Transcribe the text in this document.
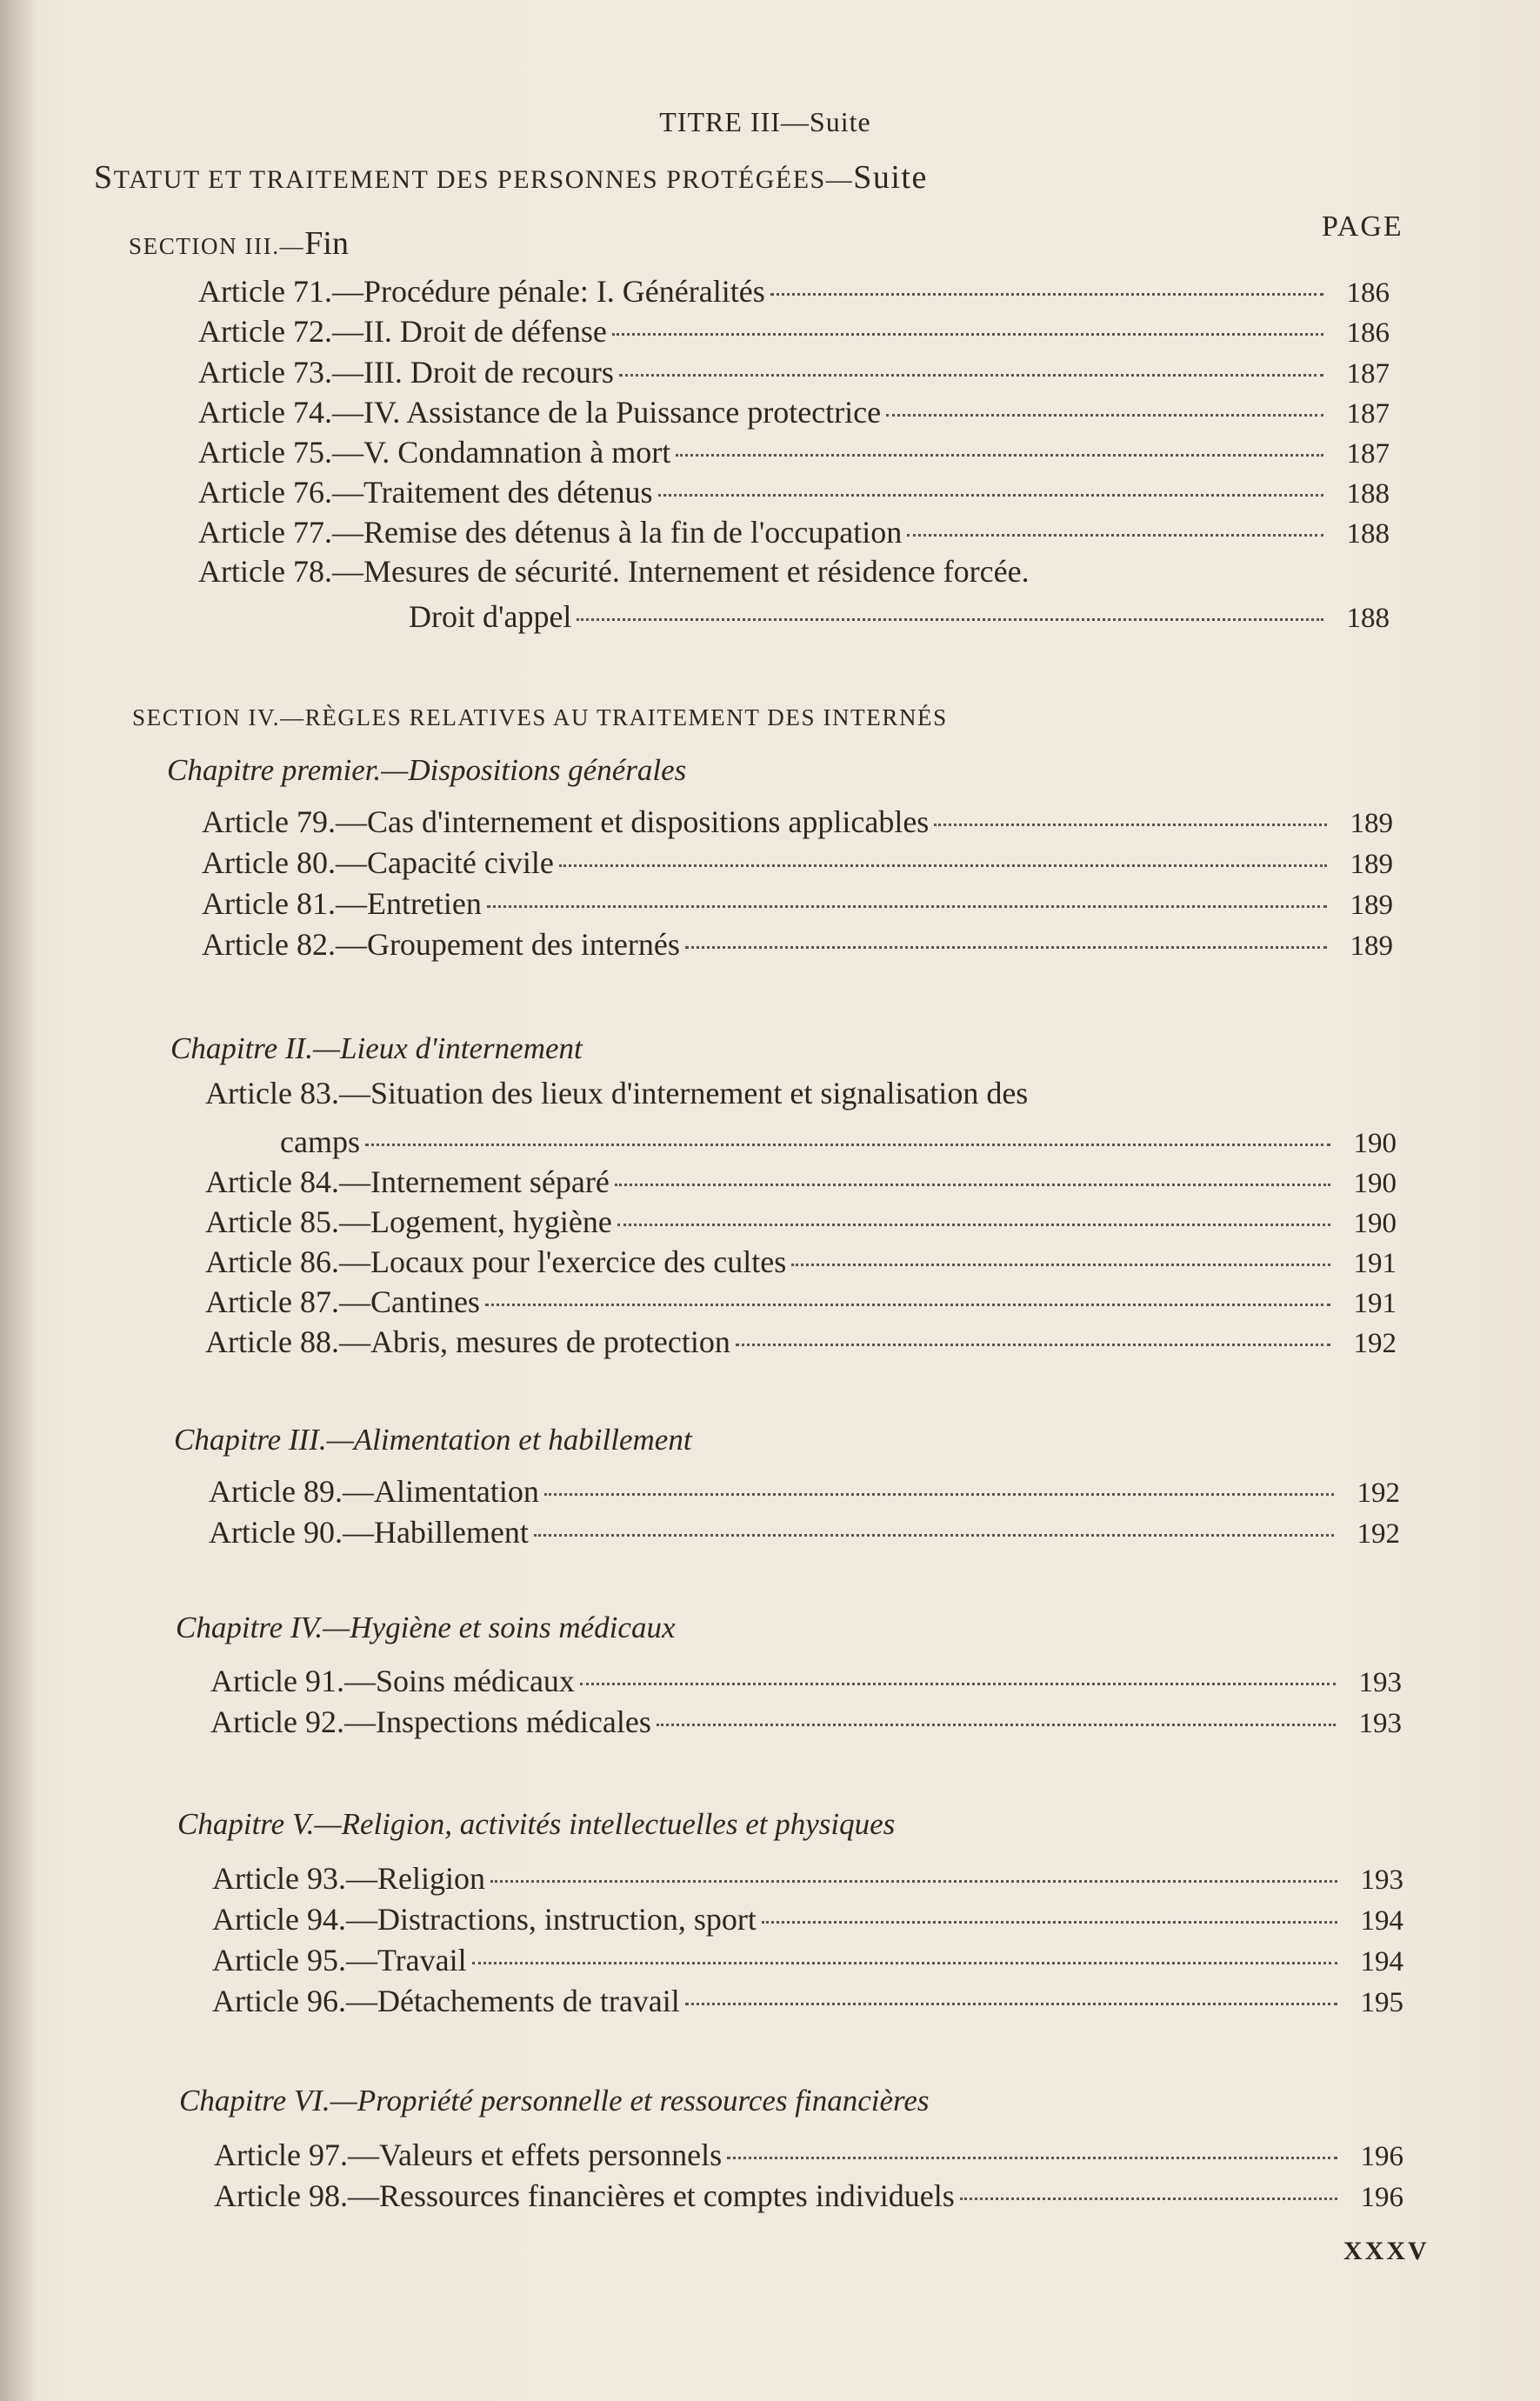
TITRE III—Suite
STATUT ET TRAITEMENT DES PERSONNES PROTÉGÉES—Suite
SECTION III.—Fin	PAGE
Article 71.—Procédure pénale: I. Généralités	186
Article 72.—II. Droit de défense	186
Article 73.—III. Droit de recours	187
Article 74.—IV. Assistance de la Puissance protectrice	187
Article 75.—V. Condamnation à mort	187
Article 76.—Traitement des détenus	188
Article 77.—Remise des détenus à la fin de l'occupation	188
Article 78.—Mesures de sécurité. Internement et résidence forcée.
Droit d'appel	188
SECTION IV.—RÈGLES RELATIVES AU TRAITEMENT DES INTERNÉS
Chapitre premier.—Dispositions générales
Article 79.—Cas d'internement et dispositions applicables	189
Article 80.—Capacité civile	189
Article 81.—Entretien	189
Article 82.—Groupement des internés	189
Chapitre II.—Lieux d'internement
Article 83.—Situation des lieux d'internement et signalisation des
camps	190
Article 84.—Internement séparé	190
Article 85.—Logement, hygiène	190
Article 86.—Locaux pour l'exercice des cultes	191
Article 87.—Cantines	191
Article 88.—Abris, mesures de protection	192
Chapitre III.—Alimentation et habillement
Article 89.—Alimentation	192
Article 90.—Habillement	192
Chapitre IV.—Hygiène et soins médicaux
Article 91.—Soins médicaux	193
Article 92.—Inspections médicales	193
Chapitre V.—Religion, activités intellectuelles et physiques
Article 93.—Religion	193
Article 94.—Distractions, instruction, sport	194
Article 95.—Travail	194
Article 96.—Détachements de travail	195
Chapitre VI.—Propriété personnelle et ressources financières
Article 97.—Valeurs et effets personnels	196
Article 98.—Ressources financières et comptes individuels	196
XXXV
